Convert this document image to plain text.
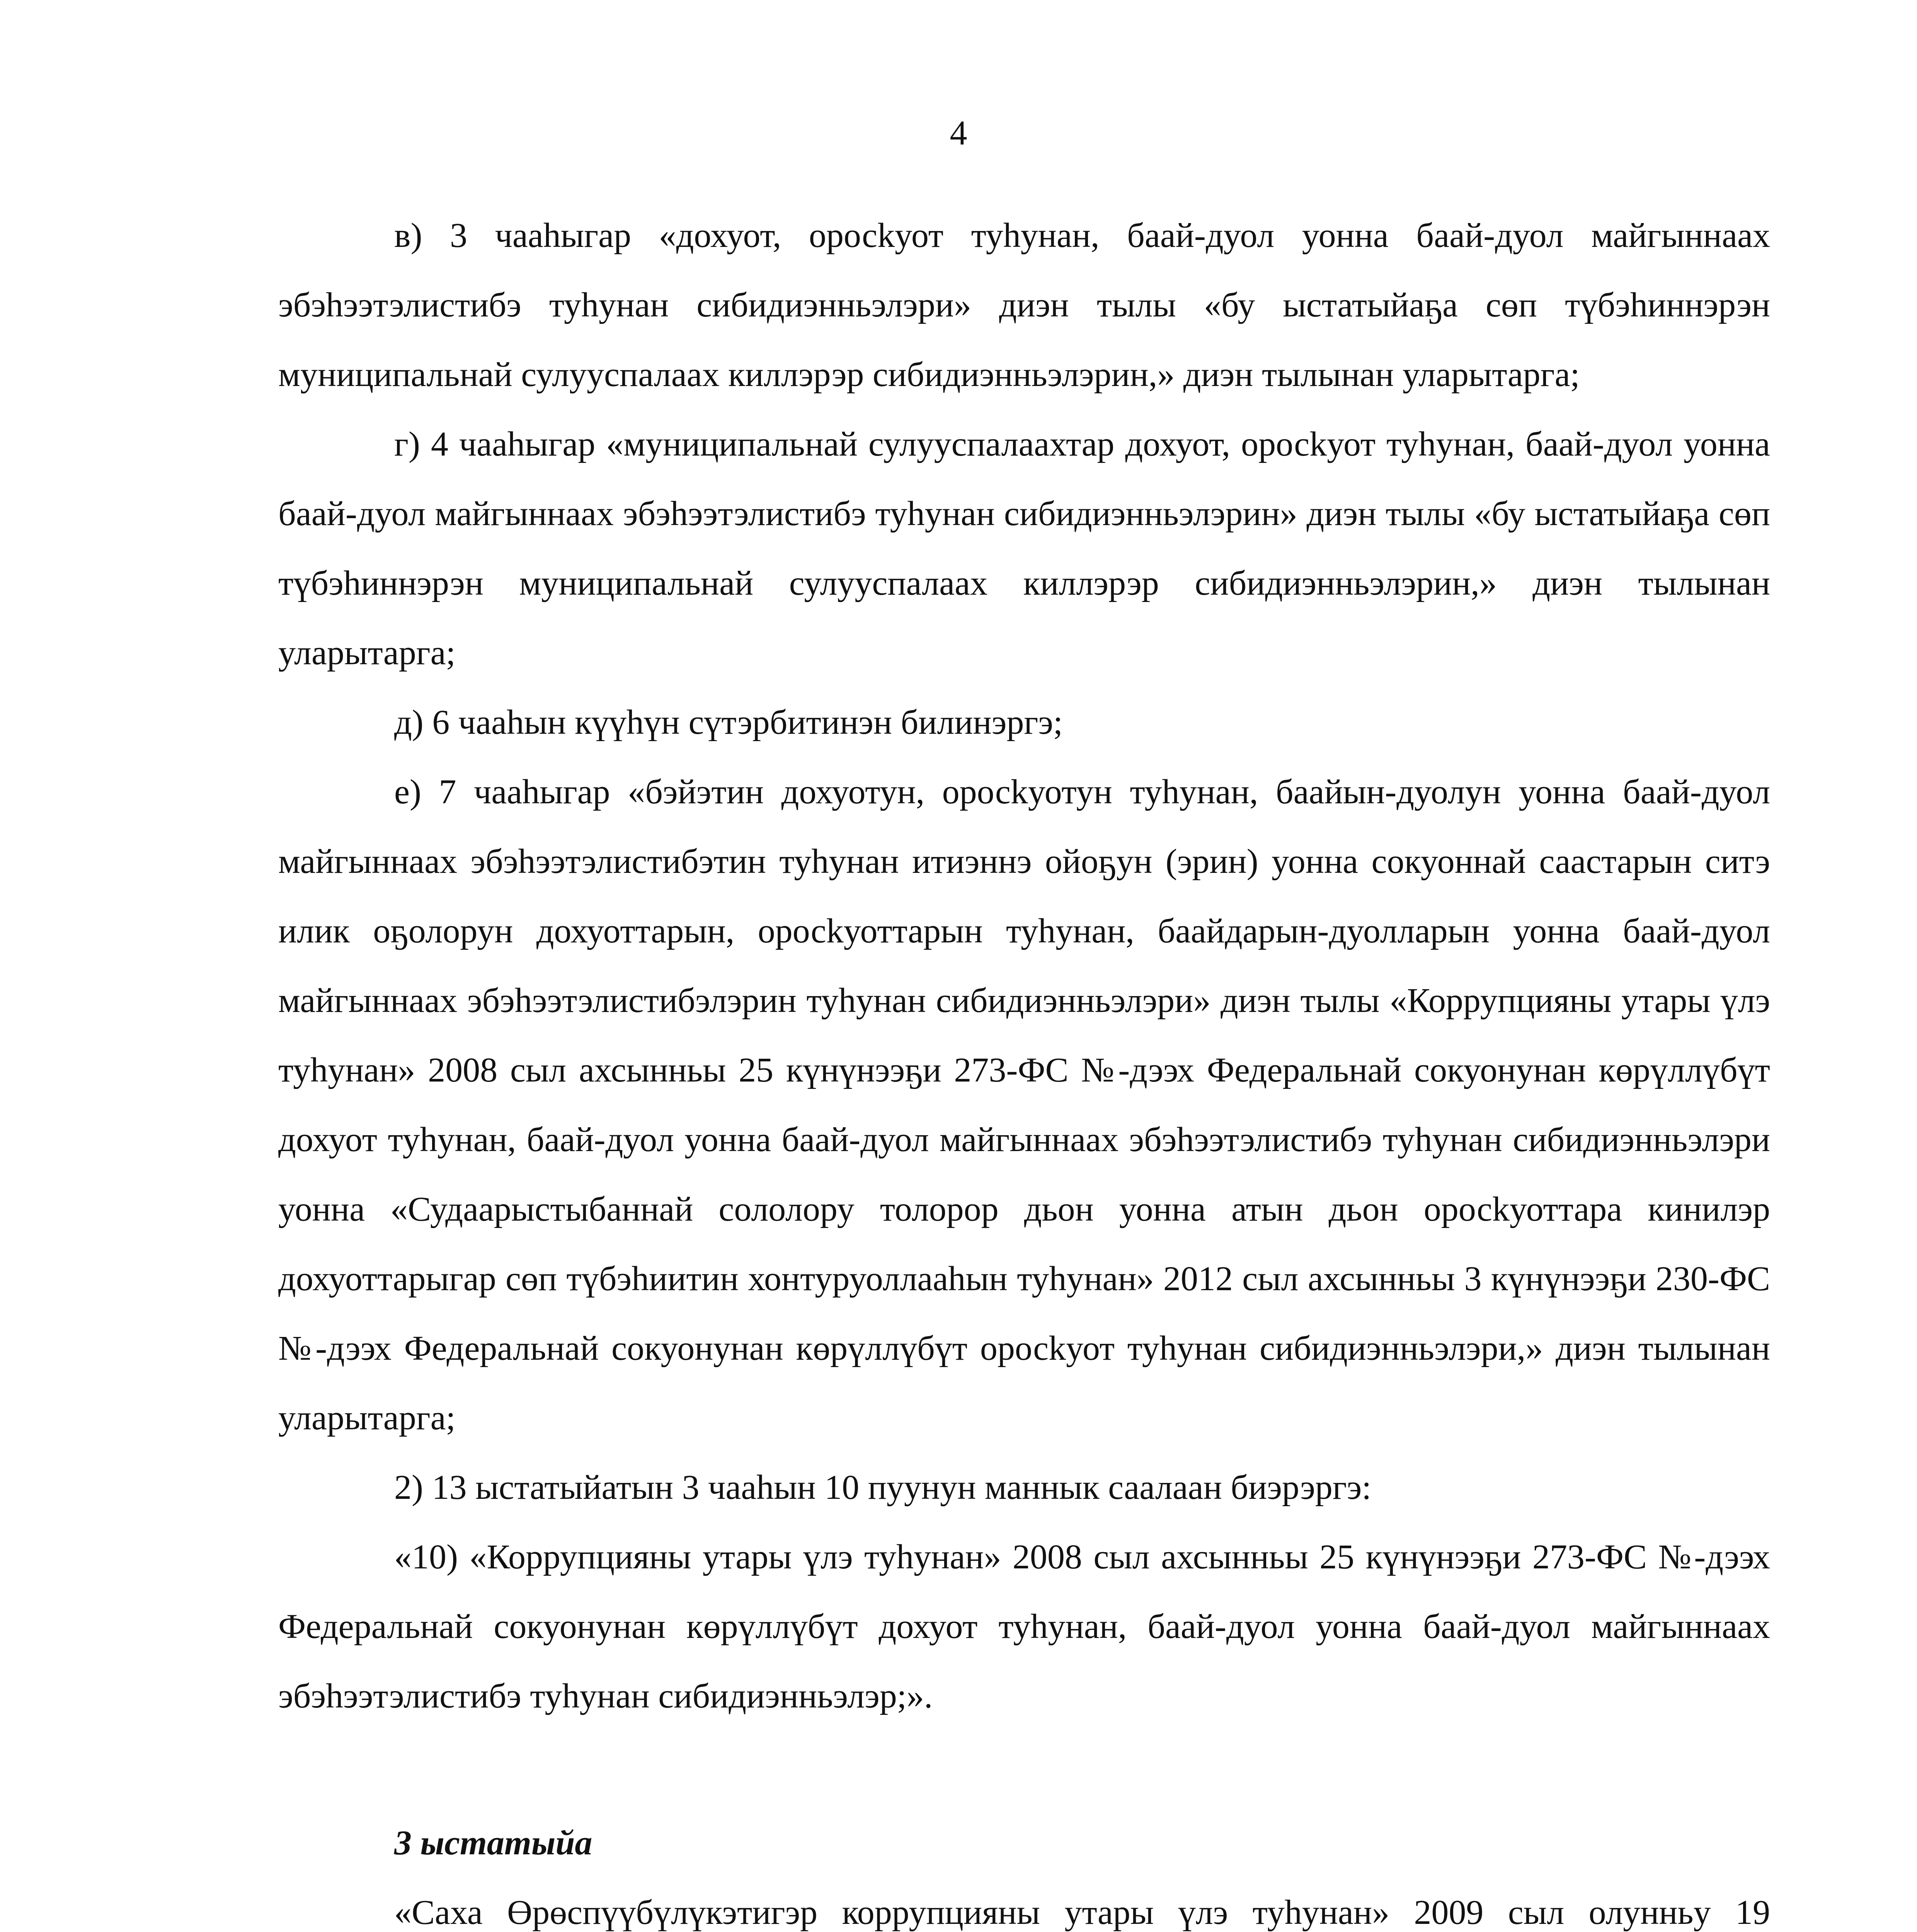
4

в) 3 чааһыгар «дохуот, оросkуот туһунан, баай-дуол уонна баай-дуол майгыннаах эбэһээтэлистибэ туһунан сибидиэнньэлэри» диэн тылы «бу ыстатыйаҕа сөп түбэһиннэрэн муниципальнай сулууспалаах киллэрэр сибидиэнньэлэрин,» диэн тылынан уларытарга;

г) 4 чааһыгар «муниципальнай сулууспалаахтар дохуот, оросkуот туһунан, баай-дуол уонна баай-дуол майгыннаах эбэһээтэлистибэ туһунан сибидиэнньэлэрин» диэн тылы «бу ыстатыйаҕа сөп түбэһиннэрэн муниципальнай сулууспалаах киллэрэр сибидиэнньэлэрин,» диэн тылынан уларытарга;

д) 6 чааһын күүһүн сүтэрбитинэн билинэргэ;

е) 7 чааһыгар «бэйэтин дохуотун, оросkуотун туһунан, баайын-дуолун уонна баай-дуол майгыннаах эбэһээтэлистибэтин туһунан итиэннэ ойоҕун (эрин) уонна сокуоннай саастарын ситэ илик оҕолорун дохуоттарын, оросkуоттарын туһунан, баайдарын-дуолларын уонна баай-дуол майгыннаах эбэһээтэлистибэлэрин туһунан сибидиэнньэлэри» диэн тылы «Коррупцияны утары үлэ туһунан» 2008 сыл ахсынньы 25 күнүнээҕи 273-ФС №-дээх Федеральнай сокуонунан көрүллүбүт дохуот туһунан, баай-дуол уонна баай-дуол майгыннаах эбэһээтэлистибэ туһунан сибидиэнньэлэри уонна «Судаарыстыбаннай сололору толорор дьон уонна атын дьон оросkуоттара кинилэр дохуоттарыгар сөп түбэһиитин хонтуруоллааһын туһунан» 2012 сыл ахсынньы 3 күнүнээҕи 230-ФС №-дээх Федеральнай сокуонунан көрүллүбүт оросkуот туһунан сибидиэнньэлэри,» диэн тылынан уларытарга;

2) 13 ыстатыйатын 3 чааһын 10 пуунун маннык саалаан биэрэргэ:

«10) «Коррупцияны утары үлэ туһунан» 2008 сыл ахсынньы 25 күнүнээҕи 273-ФС №-дээх Федеральнай сокуонунан көрүллүбүт дохуот туһунан, баай-дуол уонна баай-дуол майгыннаах эбэһээтэлистибэ туһунан сибидиэнньэлэр;».

3 ыстатыйа

«Саха Өрөспүүбүлүкэтигэр коррупцияны утары үлэ туһунан» 2009 сыл олунньу 19
